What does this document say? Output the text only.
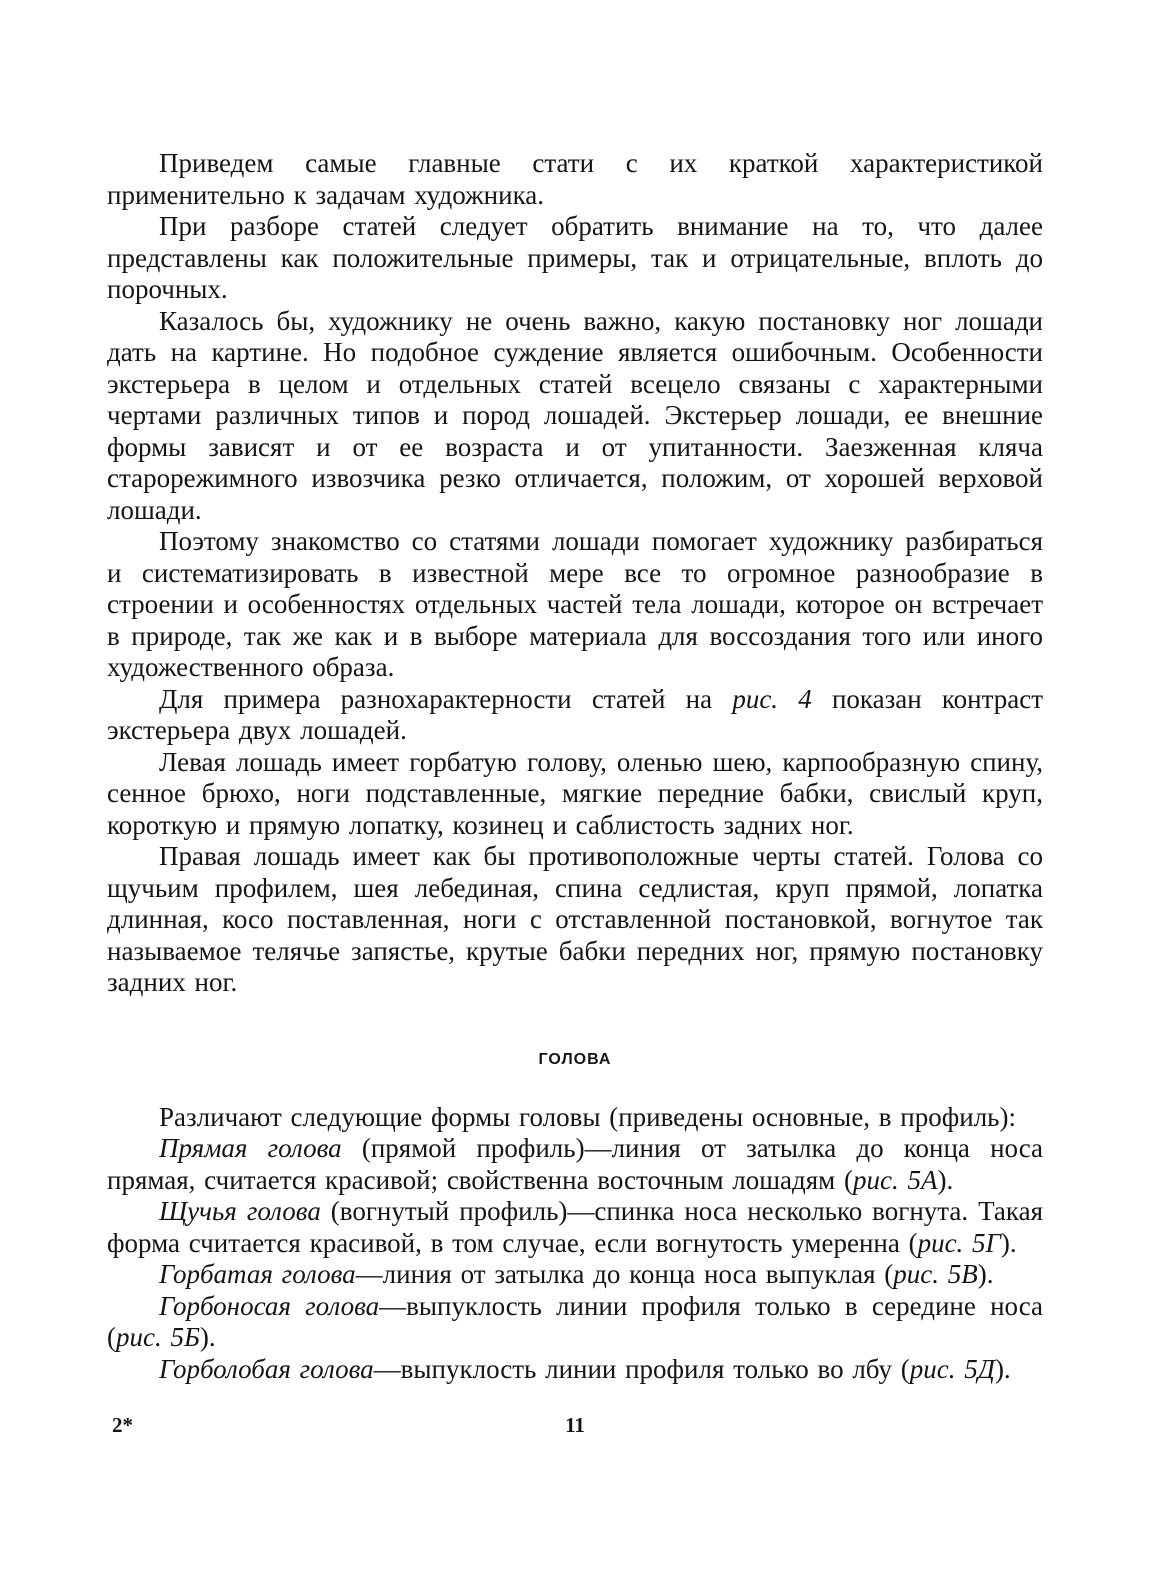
Приведем самые главные стати с их краткой характеристикой применительно к задачам художника.

При разборе статей следует обратить внимание на то, что далее представлены как положительные примеры, так и отрицательные, вплоть до порочных.

Казалось бы, художнику не очень важно, какую постановку ног лошади дать на картине. Но подобное суждение является ошибочным. Особенности экстерьера в целом и отдельных статей всецело связаны с характерными чертами различных типов и пород лошадей. Экстерьер лошади, ее внешние формы зависят и от ее возраста и от упитанности. Заезженная кляча старорежимного извозчика резко отличается, положим, от хорошей верховой лошади.

Поэтому знакомство со статями лошади помогает художнику разбираться и систематизировать в известной мере все то огромное разнообразие в строении и особенностях отдельных частей тела лошади, которое он встречает в природе, так же как и в выборе материала для воссоздания того или иного художественного образа.

Для примера разнохарактерности статей на рис. 4 показан контраст экстерьера двух лошадей.

Левая лошадь имеет горбатую голову, оленью шею, карпообразную спину, сенное брюхо, ноги подставленные, мягкие передние бабки, свислый круп, короткую и прямую лопатку, козинец и саблистость задних ног.

Правая лошадь имеет как бы противоположные черты статей. Голова со щучьим профилем, шея лебединая, спина седлистая, круп прямой, лопатка длинная, косо поставленная, ноги с отставленной постановкой, вогнутое так называемое телячье запястье, крутые бабки передних ног, прямую постановку задних ног.

ГОЛОВА

Различают следующие формы головы (приведены основные, в профиль):

Прямая голова (прямой профиль)—линия от затылка до конца носа прямая, считается красивой; свойственна восточным лошадям (рис. 5А).

Щучья голова (вогнутый профиль)—спинка носа несколько вогнута. Такая форма считается красивой, в том случае, если вогнутость умеренна (рис. 5Г).

Горбатая голова—линия от затылка до конца носа выпуклая (рис. 5В).

Горбоносая голова—выпуклость линии профиля только в середине носа (рис. 5Б).

Горболобая голова—выпуклость линии профиля только во лбу (рис. 5Д).

2*	11
